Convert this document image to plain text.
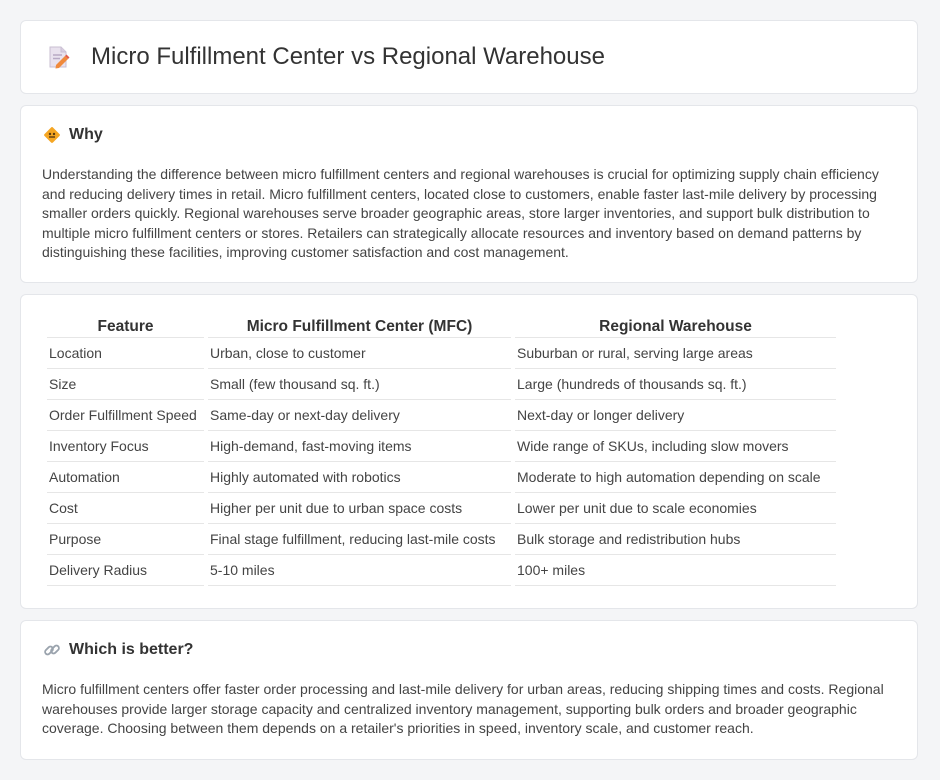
Micro Fulfillment Center vs Regional Warehouse
Why

Understanding the difference between micro fulfillment centers and regional warehouses is crucial for optimizing supply chain efficiency and reducing delivery times in retail. Micro fulfillment centers, located close to customers, enable faster last-mile delivery by processing smaller orders quickly. Regional warehouses serve broader geographic areas, store larger inventories, and support bulk distribution to multiple micro fulfillment centers or stores. Retailers can strategically allocate resources and inventory based on demand patterns by distinguishing these facilities, improving customer satisfaction and cost management.

Feature	Micro Fulfillment Center (MFC)	Regional Warehouse
Location	Urban, close to customer	Suburban or rural, serving large areas
Size	Small (few thousand sq. ft.)	Large (hundreds of thousands sq. ft.)
Order Fulfillment Speed	Same-day or next-day delivery	Next-day or longer delivery
Inventory Focus	High-demand, fast-moving items	Wide range of SKUs, including slow movers
Automation	Highly automated with robotics	Moderate to high automation depending on scale
Cost	Higher per unit due to urban space costs	Lower per unit due to scale economies
Purpose	Final stage fulfillment, reducing last-mile costs	Bulk storage and redistribution hubs
Delivery Radius	5-10 miles	100+ miles
Which is better?

Micro fulfillment centers offer faster order processing and last-mile delivery for urban areas, reducing shipping times and costs. Regional warehouses provide larger storage capacity and centralized inventory management, supporting bulk orders and broader geographic coverage. Choosing between them depends on a retailer's priorities in speed, inventory scale, and customer reach.
